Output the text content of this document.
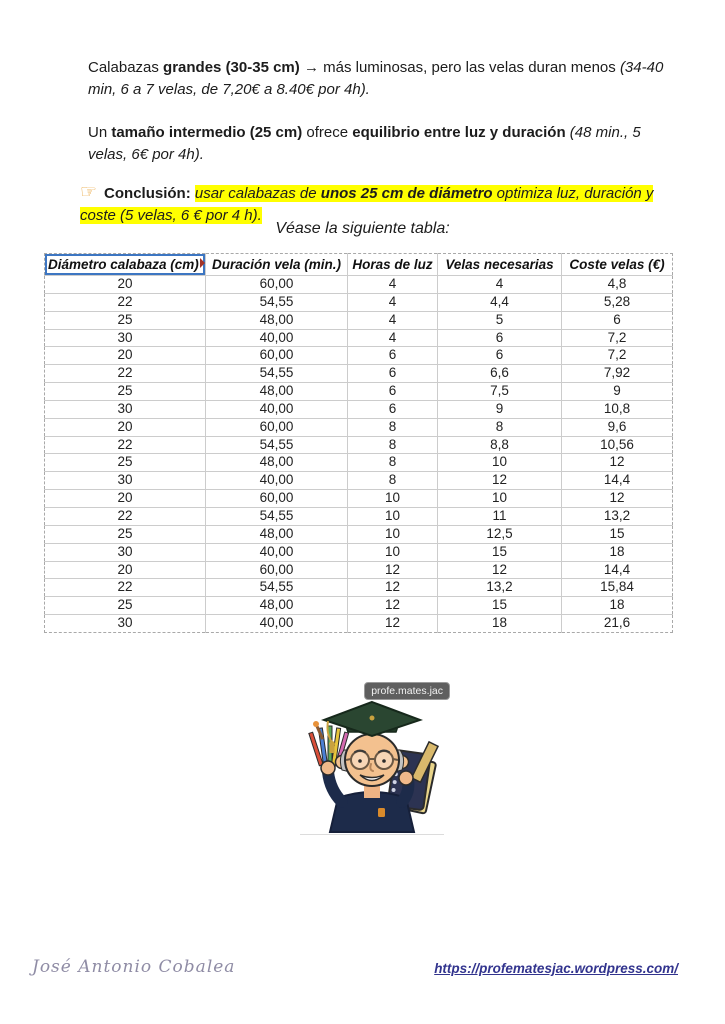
Calabazas grandes (30-35 cm) → más luminosas, pero las velas duran menos (34-40 min, 6 a 7 velas, de 7,20€ a 8.40€ por 4h).

Un tamaño intermedio (25 cm) ofrece equilibrio entre luz y duración (48 min., 5 velas, 6€ por 4h).

☞ Conclusión: usar calabazas de unos 25 cm de diámetro optimiza luz, duración y coste (5 velas, 6 € por 4 h).

Véase la siguiente tabla:
Diámetro calabaza (cm)	Duración vela (min.)	Horas de luz	Velas necesarias	Coste velas (€)
20	60,00	4	4	4,8
22	54,55	4	4,4	5,28
25	48,00	4	5	6
30	40,00	4	6	7,2
20	60,00	6	6	7,2
22	54,55	6	6,6	7,92
25	48,00	6	7,5	9
30	40,00	6	9	10,8
20	60,00	8	8	9,6
22	54,55	8	8,8	10,56
25	48,00	8	10	12
30	40,00	8	12	14,4
20	60,00	10	10	12
22	54,55	10	11	13,2
25	48,00	10	12,5	15
30	40,00	10	15	18
20	60,00	12	12	14,4
22	54,55	12	13,2	15,84
25	48,00	12	15	18
30	40,00	12	18	21,6
profe.mates.jac
José Antonio Cobalea	https://profematesjac.wordpress.com/
